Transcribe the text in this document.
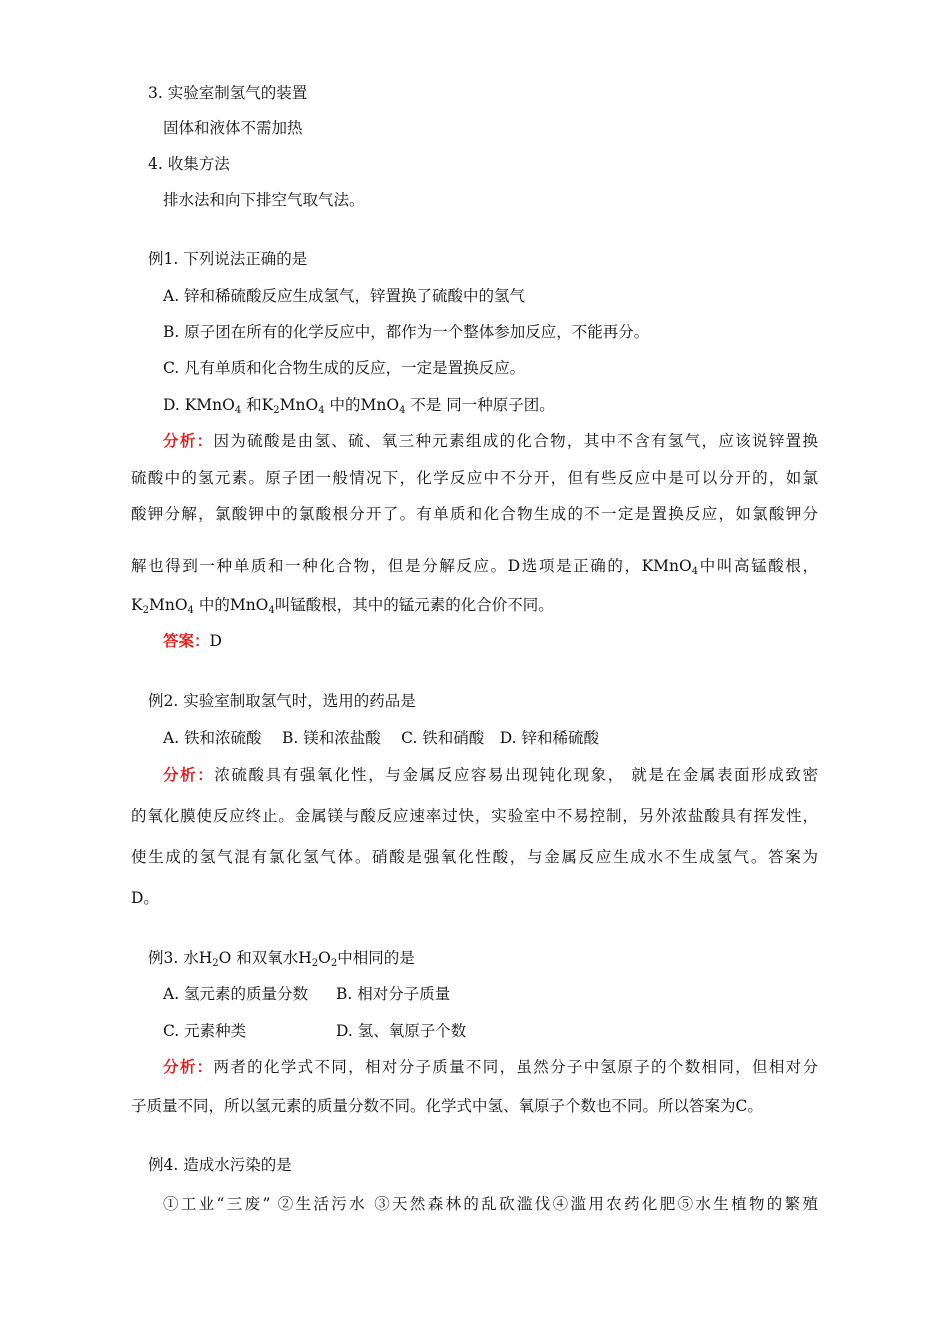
3. 实验室制氢气的装置
固体和液体不需加热
4. 收集方法
排水法和向下排空气取气法。
例1. 下列说法正确的是
A. 锌和稀硫酸反应生成氢气，锌置换了硫酸中的氢气
B. 原子团在所有的化学反应中，都作为一个整体参加反应，不能再分。
C. 凡有单质和化合物生成的反应，一定是置换反应。
D. KMnO$_4$ 和$K_2MnO_4$ 中的MnO$_4$ 不是 同一种原子团。
分析：因为硫酸是由氢、硫、氧三种元素组成的化合物，其中不含有氢气，应该说锌置换
硫酸中的氢元素。原子团一般情况下，化学反应中不分开，但有些反应中是可以分开的，如氯
酸钾分解，氯酸钾中的氯酸根分开了。有单质和化合物生成的不一定是置换反应，如氯酸钾分
解也得到一种单质和一种化合物，但是分解反应。D选项是正确的，KMnO$_4$中叫高锰酸根，
$K_2MnO_4$ 中的MnO$_4$叫锰酸根，其中的锰元素的化合价不同。
答案：D
例2. 实验室制取氢气时，选用的药品是
A. 铁和浓硫酸　 B. 镁和浓盐酸　 C. 铁和硝酸　D. 锌和稀硫酸
分析：浓硫酸具有强氧化性，与金属反应容易出现钝化现象， 就是在金属表面形成致密
的氧化膜使反应终止。金属镁与酸反应速率过快，实验室中不易控制，另外浓盐酸具有挥发性，
使生成的氢气混有氯化氢气体。硝酸是强氧化性酸，与金属反应生成水不生成氢气。答案为
D。
例3. 水$H_2O$ 和双氧水$H_2O_2$中相同的是
A. 氢元素的质量分数 B. 相对分子质量
C. 元素种类	D. 氢、氧原子个数
分析：两者的化学式不同，相对分子质量不同，虽然分子中氢原子的个数相同，但相对分
子质量不同，所以氢元素的质量分数不同。化学式中氢、氧原子个数也不同。所以答案为C。
例4. 造成水污染的是
①工业“三废” ②生活污水 ③天然森林的乱砍滥伐④滥用农药化肥⑤水生植物的繁殖
